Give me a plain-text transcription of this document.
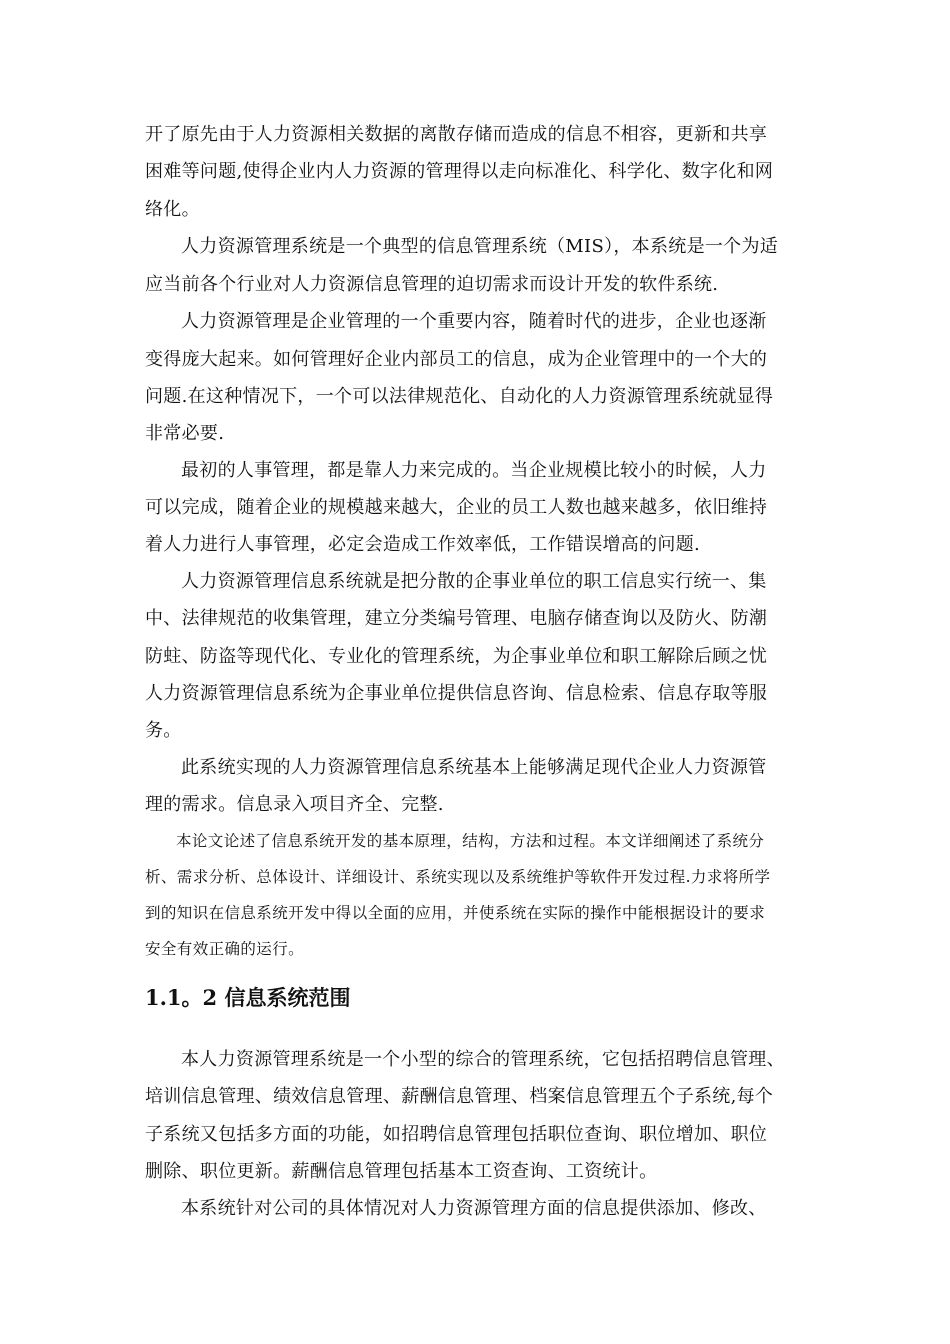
开了原先由于人力资源相关数据的离散存储而造成的信息不相容，更新和共享
困难等问题,使得企业内人力资源的管理得以走向标准化、科学化、数字化和网
络化。
人力资源管理系统是一个典型的信息管理系统（MIS），本系统是一个为适
应当前各个行业对人力资源信息管理的迫切需求而设计开发的软件系统.
人力资源管理是企业管理的一个重要内容，随着时代的进步，企业也逐渐
变得庞大起来。如何管理好企业内部员工的信息，成为企业管理中的一个大的
问题.在这种情况下，一个可以法律规范化、自动化的人力资源管理系统就显得
非常必要.
最初的人事管理，都是靠人力来完成的。当企业规模比较小的时候，人力
可以完成，随着企业的规模越来越大，企业的员工人数也越来越多，依旧维持
着人力进行人事管理，必定会造成工作效率低，工作错误增高的问题.
人力资源管理信息系统就是把分散的企事业单位的职工信息实行统一、集
中、法律规范的收集管理，建立分类编号管理、电脑存储查询以及防火、防潮
防蛀、防盗等现代化、专业化的管理系统，为企事业单位和职工解除后顾之忧
人力资源管理信息系统为企事业单位提供信息咨询、信息检索、信息存取等服
务。
此系统实现的人力资源管理信息系统基本上能够满足现代企业人力资源管
理的需求。信息录入项目齐全、完整.
本论文论述了信息系统开发的基本原理，结构，方法和过程。本文详细阐述了系统分
析、需求分析、总体设计、详细设计、系统实现以及系统维护等软件开发过程.力求将所学
到的知识在信息系统开发中得以全面的应用，并使系统在实际的操作中能根据设计的要求
安全有效正确的运行。
1.1。2 信息系统范围
本人力资源管理系统是一个小型的综合的管理系统，它包括招聘信息管理、
培训信息管理、绩效信息管理、薪酬信息管理、档案信息管理五个子系统,每个
子系统又包括多方面的功能，如招聘信息管理包括职位查询、职位增加、职位
删除、职位更新。薪酬信息管理包括基本工资查询、工资统计。
本系统针对公司的具体情况对人力资源管理方面的信息提供添加、修改、
